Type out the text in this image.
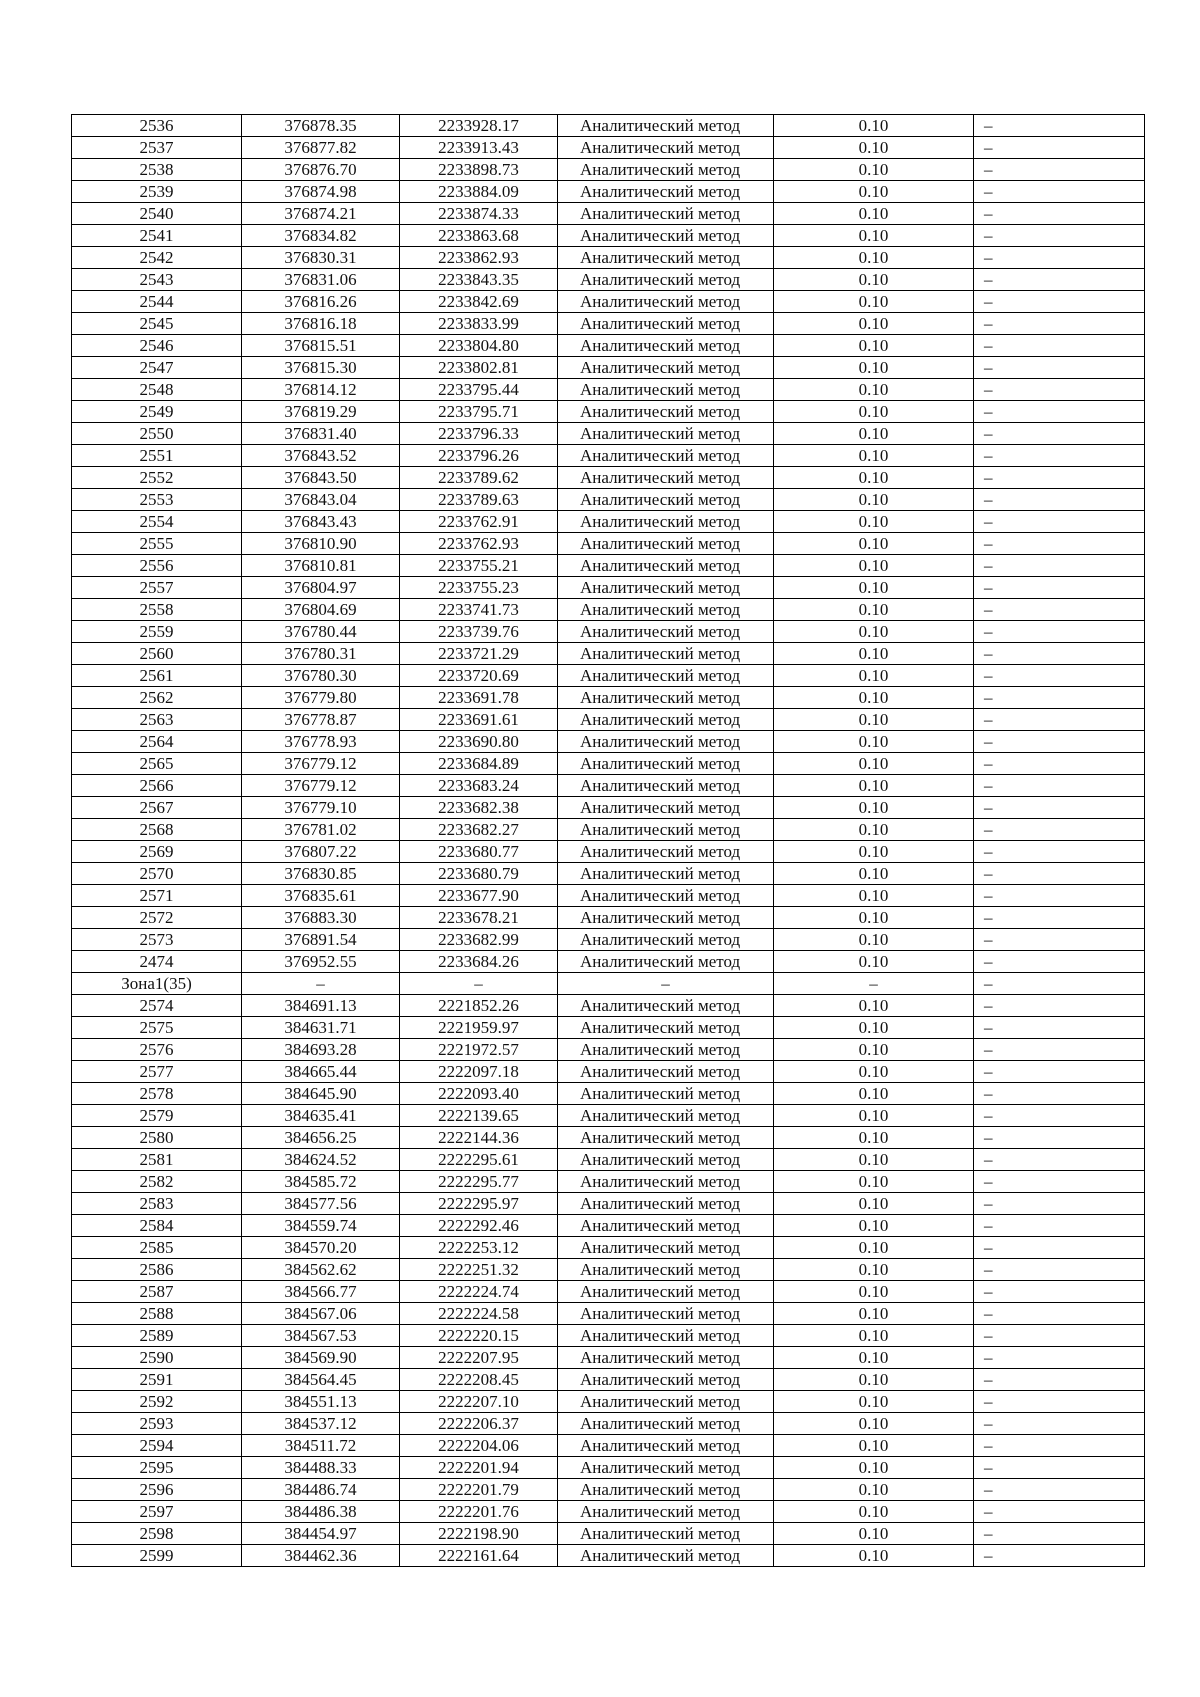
2536	376878.35	2233928.17	Аналитический метод	0.10	–
2537	376877.82	2233913.43	Аналитический метод	0.10	–
2538	376876.70	2233898.73	Аналитический метод	0.10	–
2539	376874.98	2233884.09	Аналитический метод	0.10	–
2540	376874.21	2233874.33	Аналитический метод	0.10	–
2541	376834.82	2233863.68	Аналитический метод	0.10	–
2542	376830.31	2233862.93	Аналитический метод	0.10	–
2543	376831.06	2233843.35	Аналитический метод	0.10	–
2544	376816.26	2233842.69	Аналитический метод	0.10	–
2545	376816.18	2233833.99	Аналитический метод	0.10	–
2546	376815.51	2233804.80	Аналитический метод	0.10	–
2547	376815.30	2233802.81	Аналитический метод	0.10	–
2548	376814.12	2233795.44	Аналитический метод	0.10	–
2549	376819.29	2233795.71	Аналитический метод	0.10	–
2550	376831.40	2233796.33	Аналитический метод	0.10	–
2551	376843.52	2233796.26	Аналитический метод	0.10	–
2552	376843.50	2233789.62	Аналитический метод	0.10	–
2553	376843.04	2233789.63	Аналитический метод	0.10	–
2554	376843.43	2233762.91	Аналитический метод	0.10	–
2555	376810.90	2233762.93	Аналитический метод	0.10	–
2556	376810.81	2233755.21	Аналитический метод	0.10	–
2557	376804.97	2233755.23	Аналитический метод	0.10	–
2558	376804.69	2233741.73	Аналитический метод	0.10	–
2559	376780.44	2233739.76	Аналитический метод	0.10	–
2560	376780.31	2233721.29	Аналитический метод	0.10	–
2561	376780.30	2233720.69	Аналитический метод	0.10	–
2562	376779.80	2233691.78	Аналитический метод	0.10	–
2563	376778.87	2233691.61	Аналитический метод	0.10	–
2564	376778.93	2233690.80	Аналитический метод	0.10	–
2565	376779.12	2233684.89	Аналитический метод	0.10	–
2566	376779.12	2233683.24	Аналитический метод	0.10	–
2567	376779.10	2233682.38	Аналитический метод	0.10	–
2568	376781.02	2233682.27	Аналитический метод	0.10	–
2569	376807.22	2233680.77	Аналитический метод	0.10	–
2570	376830.85	2233680.79	Аналитический метод	0.10	–
2571	376835.61	2233677.90	Аналитический метод	0.10	–
2572	376883.30	2233678.21	Аналитический метод	0.10	–
2573	376891.54	2233682.99	Аналитический метод	0.10	–
2474	376952.55	2233684.26	Аналитический метод	0.10	–
Зона1(35)	–	–	–	–	–
2574	384691.13	2221852.26	Аналитический метод	0.10	–
2575	384631.71	2221959.97	Аналитический метод	0.10	–
2576	384693.28	2221972.57	Аналитический метод	0.10	–
2577	384665.44	2222097.18	Аналитический метод	0.10	–
2578	384645.90	2222093.40	Аналитический метод	0.10	–
2579	384635.41	2222139.65	Аналитический метод	0.10	–
2580	384656.25	2222144.36	Аналитический метод	0.10	–
2581	384624.52	2222295.61	Аналитический метод	0.10	–
2582	384585.72	2222295.77	Аналитический метод	0.10	–
2583	384577.56	2222295.97	Аналитический метод	0.10	–
2584	384559.74	2222292.46	Аналитический метод	0.10	–
2585	384570.20	2222253.12	Аналитический метод	0.10	–
2586	384562.62	2222251.32	Аналитический метод	0.10	–
2587	384566.77	2222224.74	Аналитический метод	0.10	–
2588	384567.06	2222224.58	Аналитический метод	0.10	–
2589	384567.53	2222220.15	Аналитический метод	0.10	–
2590	384569.90	2222207.95	Аналитический метод	0.10	–
2591	384564.45	2222208.45	Аналитический метод	0.10	–
2592	384551.13	2222207.10	Аналитический метод	0.10	–
2593	384537.12	2222206.37	Аналитический метод	0.10	–
2594	384511.72	2222204.06	Аналитический метод	0.10	–
2595	384488.33	2222201.94	Аналитический метод	0.10	–
2596	384486.74	2222201.79	Аналитический метод	0.10	–
2597	384486.38	2222201.76	Аналитический метод	0.10	–
2598	384454.97	2222198.90	Аналитический метод	0.10	–
2599	384462.36	2222161.64	Аналитический метод	0.10	–
